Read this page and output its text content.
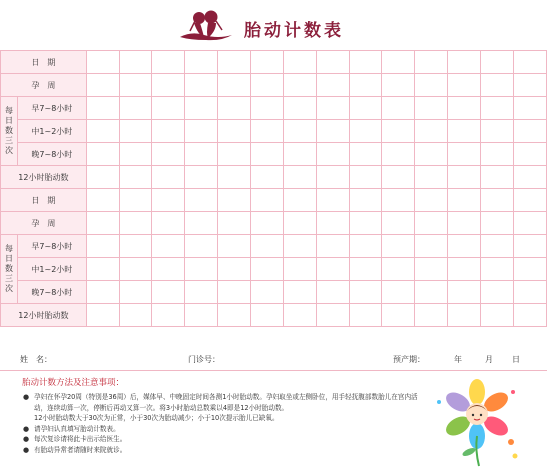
胎动计数表
日　期															
孕　周															

每
日
数
三
次	早7~8小时														
	中1~2小时														
	晚7~8小时														
12小时胎动数															
日　期															
孕　周															

每
日
数
三
次	早7~8小时														
	中1~2小时														
	晚7~8小时														
12小时胎动数															
姓　名：	门诊号：	预产期：	年	月 日
胎动计数方法及注意事项：
● 孕妇在怀孕20周（特别是36周）后，媒体早、中晚固定时间各测1小时胎动数。孕妇取坐或左侧卧位，用手轻抚腹部数胎儿在宫内活动，连续动算一次，停断后再动又算一次。将3小时胎动总数乘以4即是12小时胎动数。
12小时胎动数大于30次为正常，小于30次为胎动减少；小于10次提示胎儿已缺氧。
● 请孕妇认真填写胎动计数表。
● 每次复诊请将此卡出示给医生。
● 有胎动异常者请随时来院就诊。
